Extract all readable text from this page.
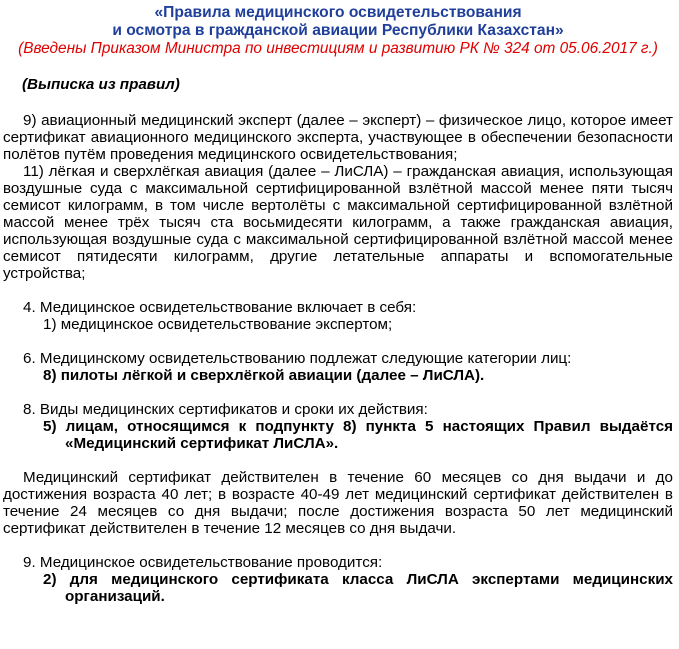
«Правила медицинского освидетельствования
и осмотра в гражданской авиации Республики Казахстан»
(Введены Приказом Министра по инвестициям и развитию РК № 324 от 05.06.2017 г.)
(Выписка из правил)

9) авиационный медицинский эксперт (далее – эксперт) – физическое лицо, которое имеет сертификат авиационного медицинского эксперта, участвующее в обеспечении безопасности полётов путём проведения медицинского освидетельствования;

11) лёгкая и сверхлёгкая авиация (далее – ЛиСЛА) – гражданская авиация, использующая воздушные суда с максимальной сертифицированной взлётной массой менее пяти тысяч семисот килограмм, в том числе вертолёты с максимальной сертифицированной взлётной массой менее трёх тысяч ста восьмидесяти килограмм, а также гражданская авиация, использующая воздушные суда с максимальной сертифицированной взлётной массой менее семисот пятидесяти килограмм, другие летательные аппараты и вспомогательные устройства;

4. Медицинское освидетельствование включает в себя:

1) медицинское освидетельствование экспертом;

6. Медицинскому освидетельствованию подлежат следующие категории лиц:

8) пилоты лёгкой и сверхлёгкой авиации (далее – ЛиСЛА).

8. Виды медицинских сертификатов и сроки их действия:

5) лицам, относящимся к подпункту 8) пункта 5 настоящих Правил выдаётся «Медицинский сертификат ЛиСЛА».

Медицинский сертификат действителен в течение 60 месяцев со дня выдачи и до достижения возраста 40 лет; в возрасте 40-49 лет медицинский сертификат действителен в течение 24 месяцев со дня выдачи; после достижения возраста 50 лет медицинский сертификат действителен в течение 12 месяцев со дня выдачи.

9. Медицинское освидетельствование проводится:

2) для медицинского сертификата класса ЛиСЛА экспертами медицинских организаций.
